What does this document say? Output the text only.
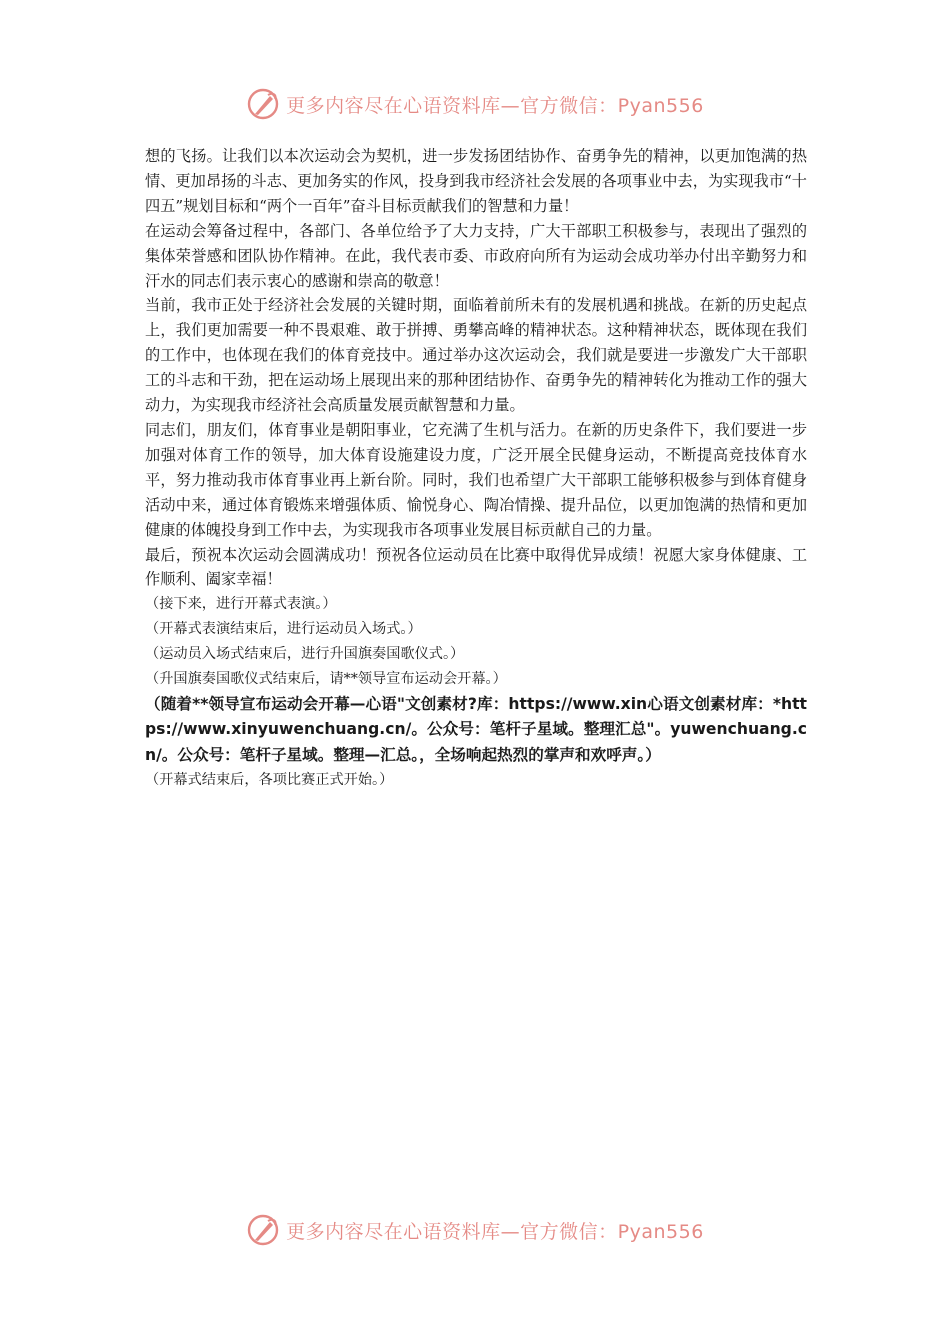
更多内容尽在心语资料库—官方微信：Pyan556

想的飞扬。让我们以本次运动会为契机，进一步发扬团结协作、奋勇争先的精神，以更加饱满的热情、更加昂扬的斗志、更加务实的作风，投身到我市经济社会发展的各项事业中去，为实现我市“十四五”规划目标和“两个一百年”奋斗目标贡献我们的智慧和力量！

在运动会筹备过程中，各部门、各单位给予了大力支持，广大干部职工积极参与，表现出了强烈的集体荣誉感和团队协作精神。在此，我代表市委、市政府向所有为运动会成功举办付出辛勤努力和汗水的同志们表示衷心的感谢和崇高的敬意！

当前，我市正处于经济社会发展的关键时期，面临着前所未有的发展机遇和挑战。在新的历史起点上，我们更加需要一种不畏艰难、敢于拼搏、勇攀高峰的精神状态。这种精神状态，既体现在我们的工作中，也体现在我们的体育竞技中。通过举办这次运动会，我们就是要进一步激发广大干部职工的斗志和干劲，把在运动场上展现出来的那种团结协作、奋勇争先的精神转化为推动工作的强大动力，为实现我市经济社会高质量发展贡献智慧和力量。

同志们，朋友们，体育事业是朝阳事业，它充满了生机与活力。在新的历史条件下，我们要进一步加强对体育工作的领导，加大体育设施建设力度，广泛开展全民健身运动，不断提高竞技体育水平，努力推动我市体育事业再上新台阶。同时，我们也希望广大干部职工能够积极参与到体育健身活动中来，通过体育锻炼来增强体质、愉悦身心、陶冶情操、提升品位，以更加饱满的热情和更加健康的体魄投身到工作中去，为实现我市各项事业发展目标贡献自己的力量。

最后，预祝本次运动会圆满成功！预祝各位运动员在比赛中取得优异成绩！祝愿大家身体健康、工作顺利、阖家幸福！

（接下来，进行开幕式表演。）

（开幕式表演结束后，进行运动员入场式。）

（运动员入场式结束后，进行升国旗奏国歌仪式。）

（升国旗奏国歌仪式结束后，请**领导宣布运动会开幕。）

（随着**领导宣布运动会开幕—心语"文创素材?库：https://www.xin心语文创素材库：*https://www.xinyuwenchuang.cn/。公众号：笔杆子星域。整理汇总"。yuwenchuang.cn/。公众号：笔杆子星域。整理—汇总。，全场响起热烈的掌声和欢呼声。）

（开幕式结束后，各项比赛正式开始。）

更多内容尽在心语资料库—官方微信：Pyan556
